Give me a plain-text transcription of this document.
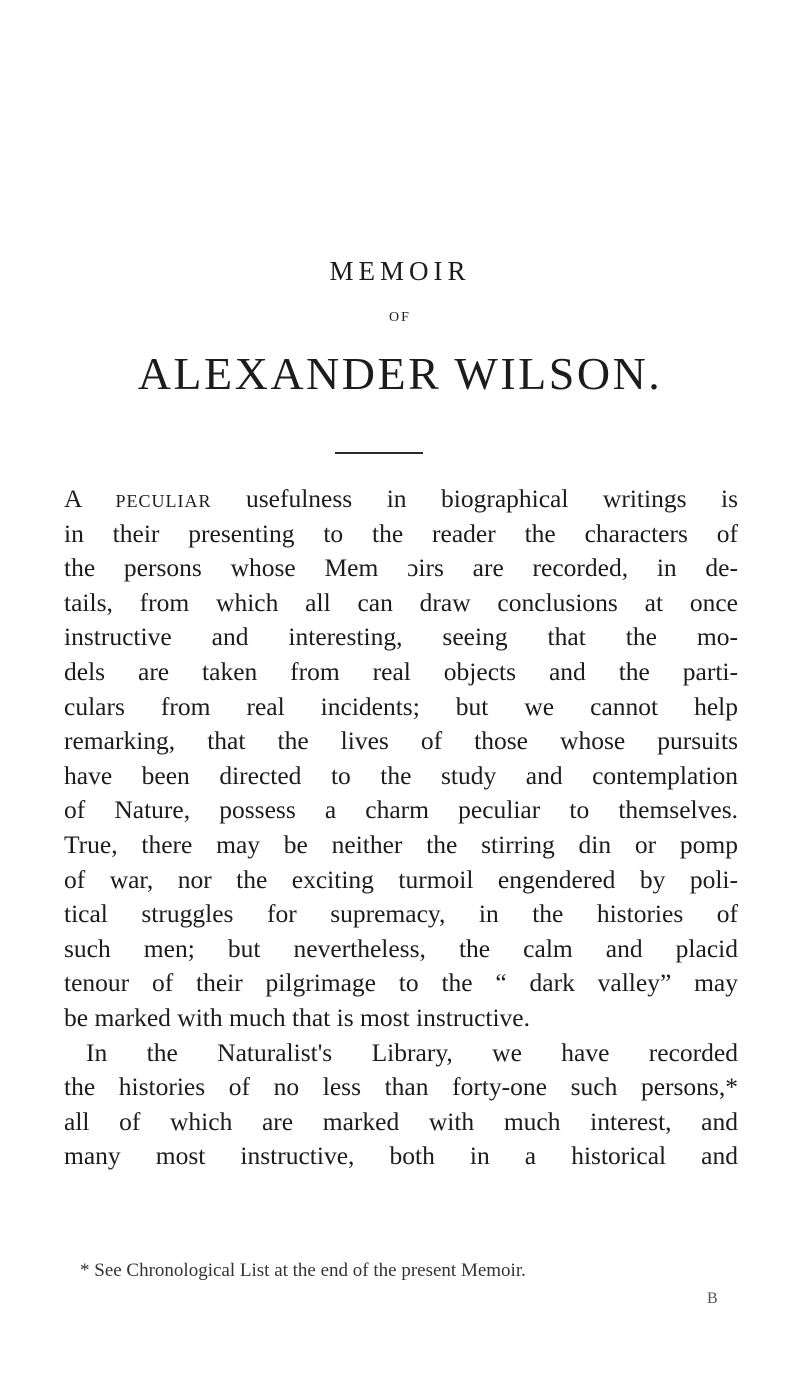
MEMOIR
OF
ALEXANDER WILSON.
A peculiar usefulness in biographical writings is
in their presenting to the reader the characters of
the persons whose Mem ɔirs are recorded, in de-
tails, from which all can draw conclusions at once
instructive and interesting, seeing that the mo-
dels are taken from real objects and the parti-
culars from real incidents; but we cannot help
remarking, that the lives of those whose pursuits
have been directed to the study and contemplation
of Nature, possess a charm peculiar to themselves.
True, there may be neither the stirring din or pomp
of war, nor the exciting turmoil engendered by poli-
tical struggles for supremacy, in the histories of
such men; but nevertheless, the calm and placid
tenour of their pilgrimage to the “ dark valley” may
be marked with much that is most instructive.
In the Naturalist's Library, we have recorded
the histories of no less than forty-one such persons,*
all of which are marked with much interest, and
many most instructive, both in a historical and
* See Chronological List at the end of the present Memoir.
B
